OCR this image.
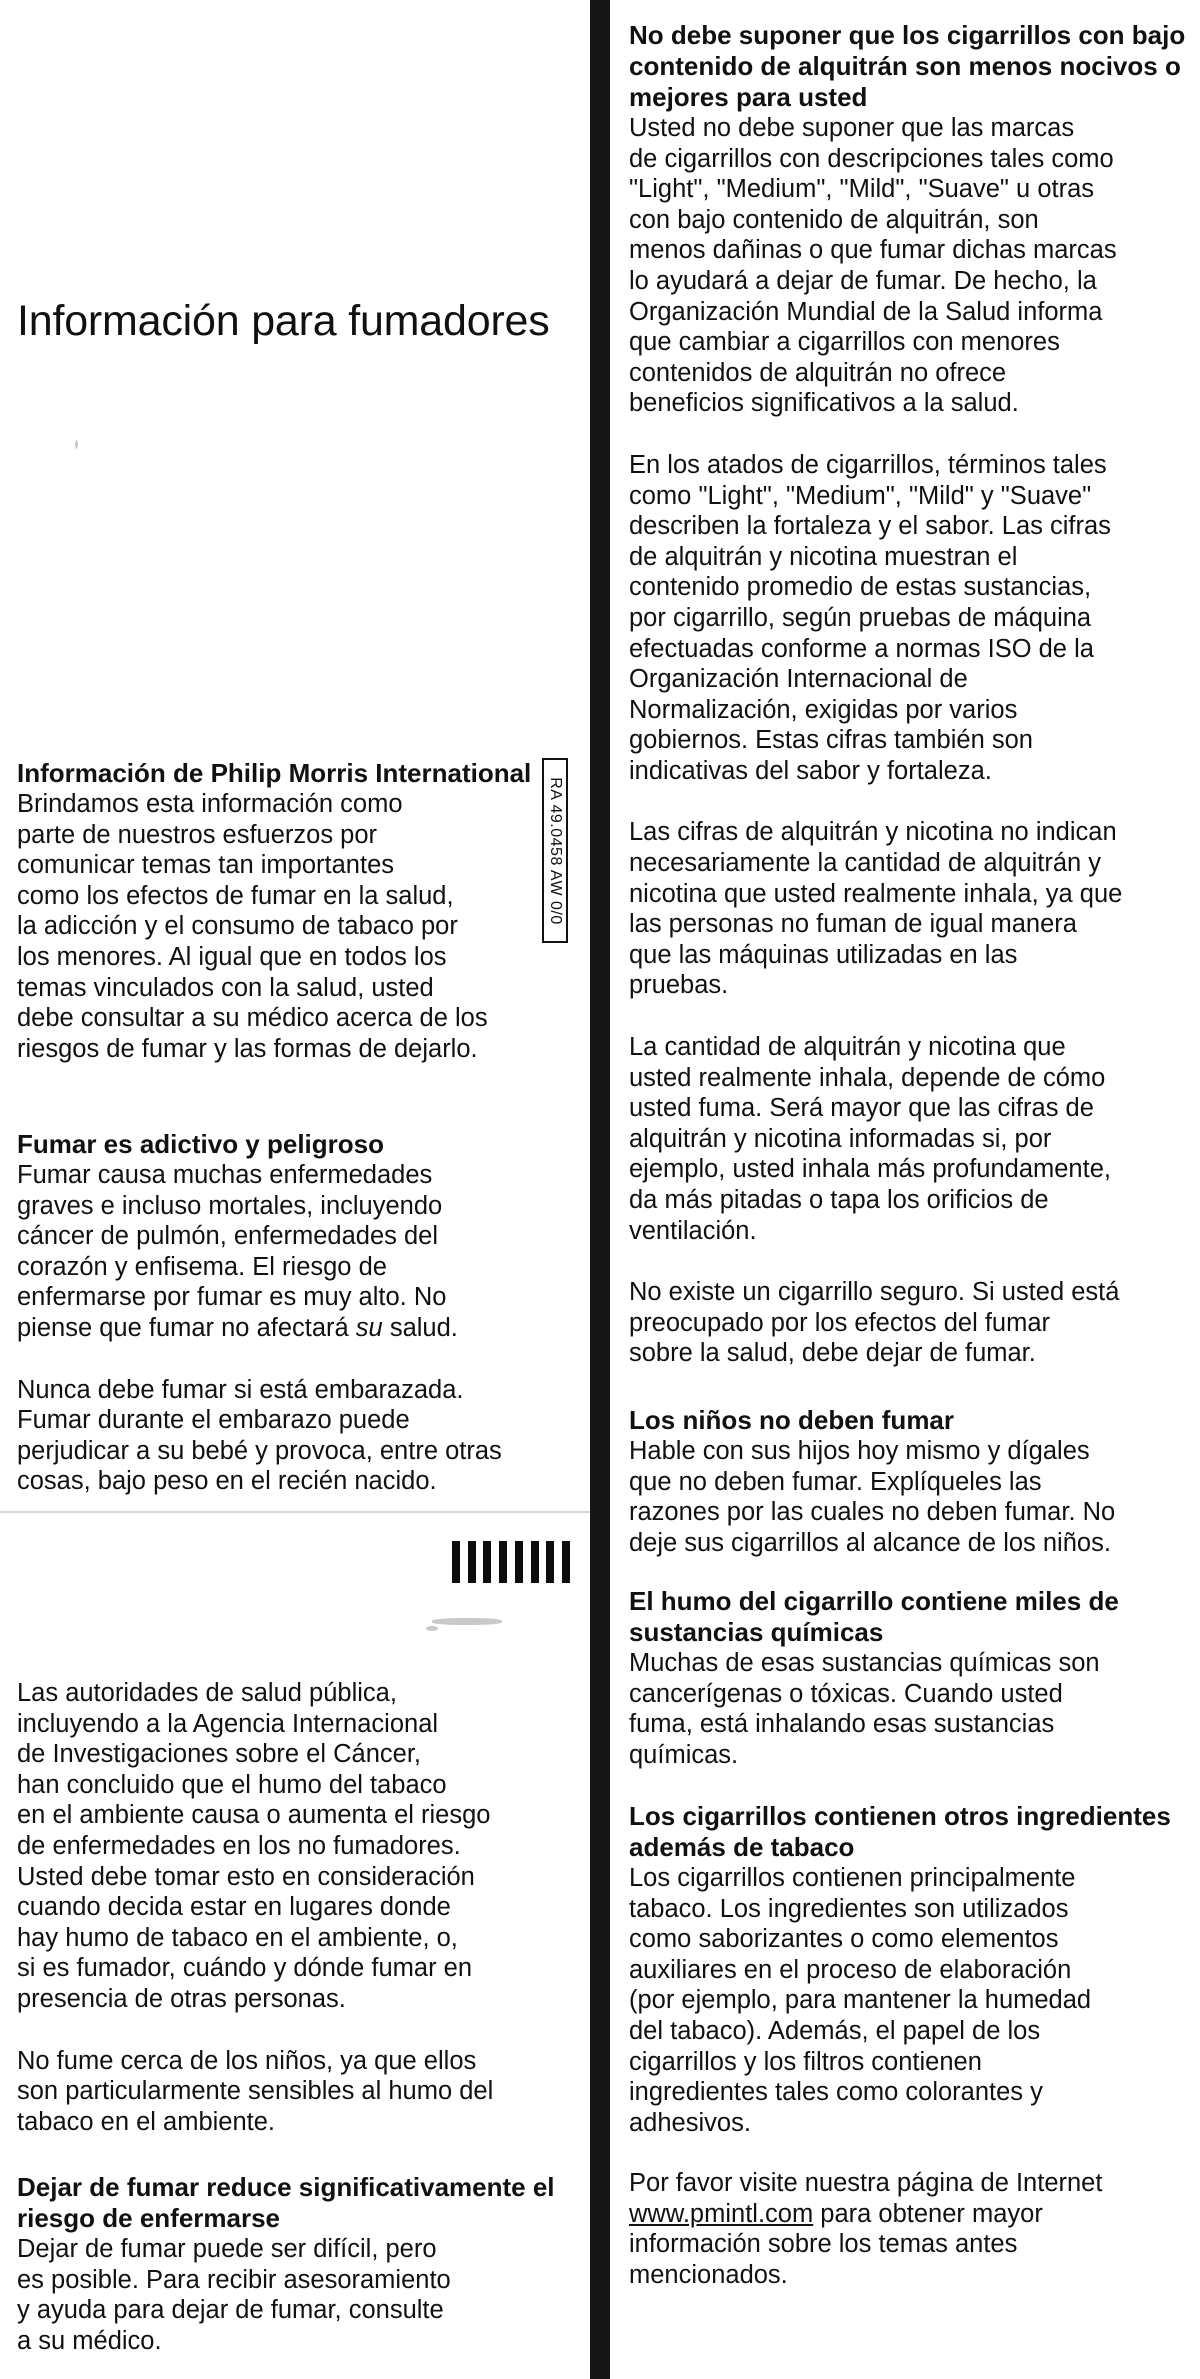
Información para fumadores
RA 49.0458 AW 0/0
Información de Philip Morris International

Brindamos esta información como
parte de nuestros esfuerzos por
comunicar temas tan importantes
como los efectos de fumar en la salud,
la adicción y el consumo de tabaco por
los menores. Al igual que en todos los
temas vinculados con la salud, usted
debe consultar a su médico acerca de los
riesgos de fumar y las formas de dejarlo.

Fumar es adictivo y peligroso

Fumar causa muchas enfermedades
graves e incluso mortales, incluyendo
cáncer de pulmón, enfermedades del
corazón y enfisema. El riesgo de
enfermarse por fumar es muy alto. No
piense que fumar no afectará su salud.

Nunca debe fumar si está embarazada.
Fumar durante el embarazo puede
perjudicar a su bebé y provoca, entre otras
cosas, bajo peso en el recién nacido.

Las autoridades de salud pública,
incluyendo a la Agencia Internacional
de Investigaciones sobre el Cáncer,
han concluido que el humo del tabaco
en el ambiente causa o aumenta el riesgo
de enfermedades en los no fumadores.
Usted debe tomar esto en consideración
cuando decida estar en lugares donde
hay humo de tabaco en el ambiente, o,
si es fumador, cuándo y dónde fumar en
presencia de otras personas.

No fume cerca de los niños, ya que ellos
son particularmente sensibles al humo del
tabaco en el ambiente.

Dejar de fumar reduce significativamente el riesgo de enfermarse

Dejar de fumar puede ser difícil, pero
es posible. Para recibir asesoramiento
y ayuda para dejar de fumar, consulte
a su médico.

No debe suponer que los cigarrillos con bajo contenido de alquitrán son menos nocivos o mejores para usted

Usted no debe suponer que las marcas
de cigarrillos con descripciones tales como
"Light", "Medium", "Mild", "Suave" u otras
con bajo contenido de alquitrán, son
menos dañinas o que fumar dichas marcas
lo ayudará a dejar de fumar. De hecho, la
Organización Mundial de la Salud informa
que cambiar a cigarrillos con menores
contenidos de alquitrán no ofrece
beneficios significativos a la salud.

En los atados de cigarrillos, términos tales
como "Light", "Medium", "Mild" y "Suave"
describen la fortaleza y el sabor. Las cifras
de alquitrán y nicotina muestran el
contenido promedio de estas sustancias,
por cigarrillo, según pruebas de máquina
efectuadas conforme a normas ISO de la
Organización Internacional de
Normalización, exigidas por varios
gobiernos. Estas cifras también son
indicativas del sabor y fortaleza.

Las cifras de alquitrán y nicotina no indican
necesariamente la cantidad de alquitrán y
nicotina que usted realmente inhala, ya que
las personas no fuman de igual manera
que las máquinas utilizadas en las
pruebas.

La cantidad de alquitrán y nicotina que
usted realmente inhala, depende de cómo
usted fuma. Será mayor que las cifras de
alquitrán y nicotina informadas si, por
ejemplo, usted inhala más profundamente,
da más pitadas o tapa los orificios de
ventilación.

No existe un cigarrillo seguro. Si usted está
preocupado por los efectos del fumar
sobre la salud, debe dejar de fumar.

Los niños no deben fumar

Hable con sus hijos hoy mismo y dígales
que no deben fumar. Explíqueles las
razones por las cuales no deben fumar. No
deje sus cigarrillos al alcance de los niños.

El humo del cigarrillo contiene miles de sustancias químicas

Muchas de esas sustancias químicas son
cancerígenas o tóxicas. Cuando usted
fuma, está inhalando esas sustancias
químicas.

Los cigarrillos contienen otros ingredientes además de tabaco

Los cigarrillos contienen principalmente
tabaco. Los ingredientes son utilizados
como saborizantes o como elementos
auxiliares en el proceso de elaboración
(por ejemplo, para mantener la humedad
del tabaco). Además, el papel de los
cigarrillos y los filtros contienen
ingredientes tales como colorantes y
adhesivos.

Por favor visite nuestra página de Internet
www.pmintl.com para obtener mayor
información sobre los temas antes
mencionados.
